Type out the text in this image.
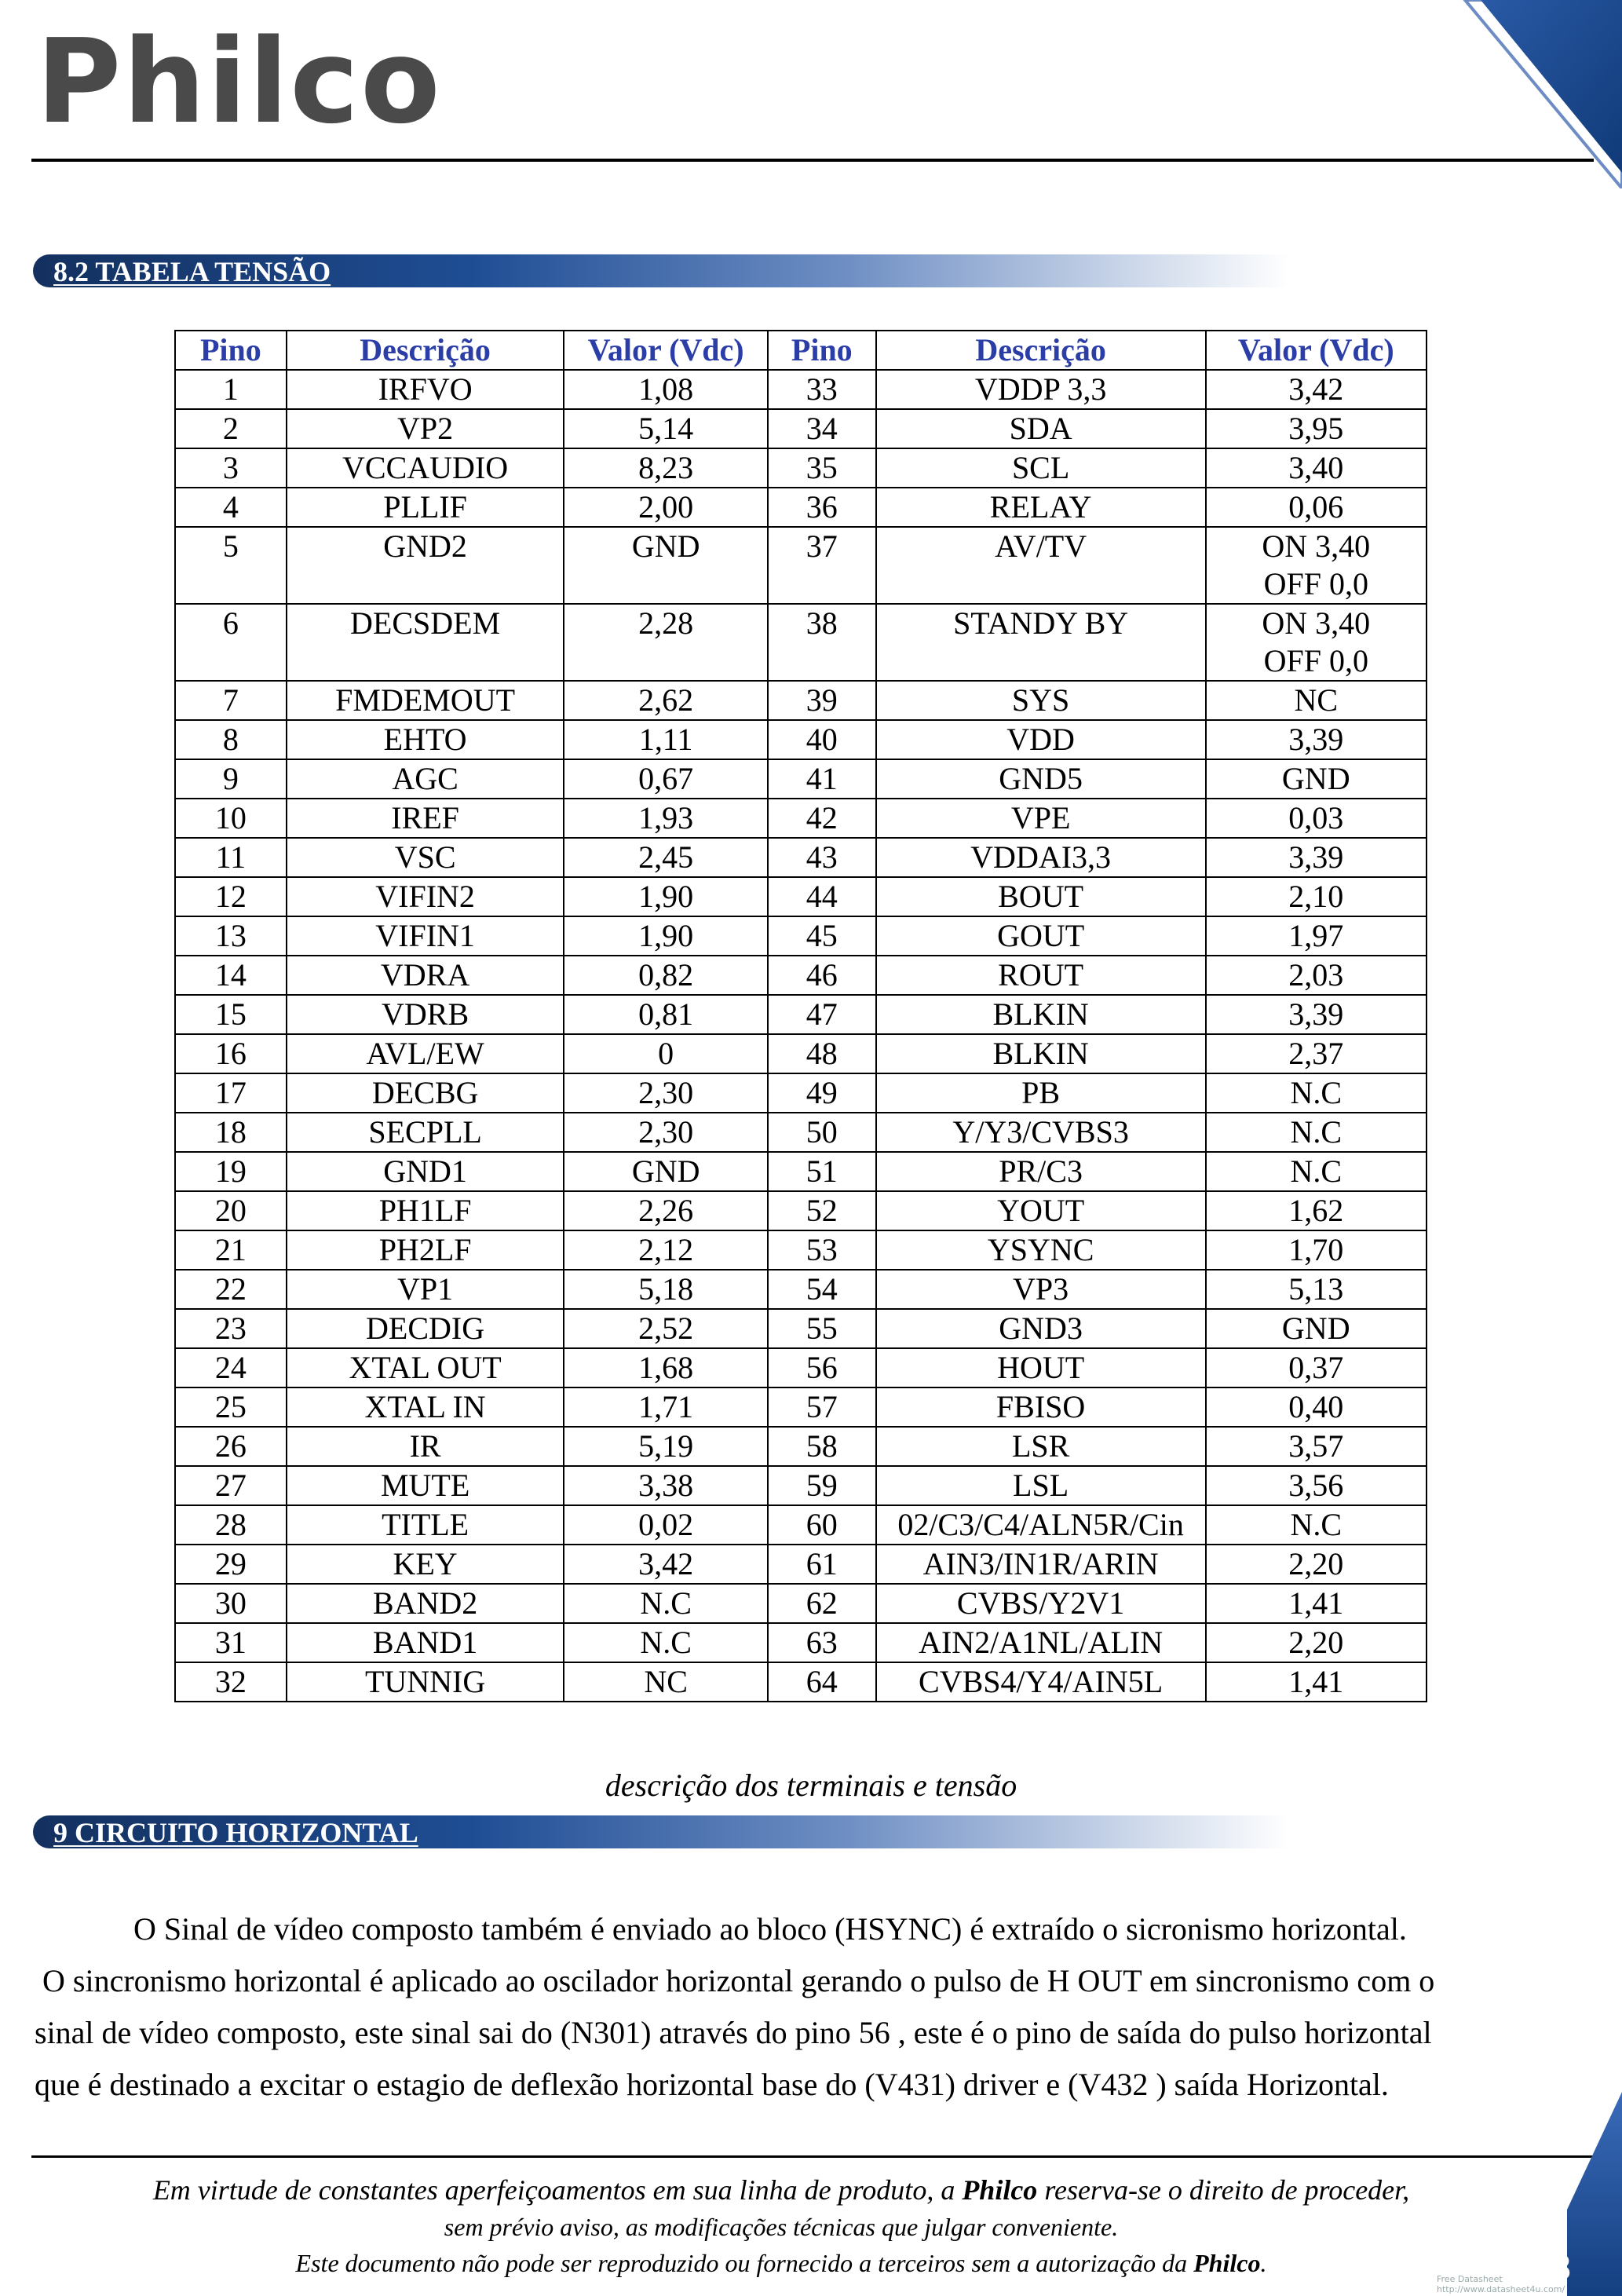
Philco
8.2 TABELA TENSÃO
Pino	Descrição	Valor (Vdc)	Pino	Descrição	Valor (Vdc)
1	IRFVO	1,08	33	VDDP 3,3	3,42
2	VP2	5,14	34	SDA	3,95
3	VCCAUDIO	8,23	35	SCL	3,40
4	PLLIF	2,00	36	RELAY	0,06
5	GND2	GND	37	AV/TV	ON 3,40
OFF 0,0
6	DECSDEM	2,28	38	STANDY BY	ON 3,40
OFF 0,0
7	FMDEMOUT	2,62	39	SYS	NC
8	EHTO	1,11	40	VDD	3,39
9	AGC	0,67	41	GND5	GND
10	IREF	1,93	42	VPE	0,03
11	VSC	2,45	43	VDDAI3,3	3,39
12	VIFIN2	1,90	44	BOUT	2,10
13	VIFIN1	1,90	45	GOUT	1,97
14	VDRA	0,82	46	ROUT	2,03
15	VDRB	0,81	47	BLKIN	3,39
16	AVL/EW	0	48	BLKIN	2,37
17	DECBG	2,30	49	PB	N.C
18	SECPLL	2,30	50	Y/Y3/CVBS3	N.C
19	GND1	GND	51	PR/C3	N.C
20	PH1LF	2,26	52	YOUT	1,62
21	PH2LF	2,12	53	YSYNC	1,70
22	VP1	5,18	54	VP3	5,13
23	DECDIG	2,52	55	GND3	GND
24	XTAL OUT	1,68	56	HOUT	0,37
25	XTAL IN	1,71	57	FBISO	0,40
26	IR	5,19	58	LSR	3,57
27	MUTE	3,38	59	LSL	3,56
28	TITLE	0,02	60	02/C3/C4/ALN5R/Cin	N.C
29	KEY	3,42	61	AIN3/IN1R/ARIN	2,20
30	BAND2	N.C	62	CVBS/Y2V1	1,41
31	BAND1	N.C	63	AIN2/A1NL/ALIN	2,20
32	TUNNIG	NC	64	CVBS4/Y4/AIN5L	1,41
descrição dos terminais e tensão
9 CIRCUITO HORIZONTAL

O Sinal de vídeo composto também é enviado ao bloco (HSYNC) é extraído o sicronismo horizontal.

O sincronismo horizontal é aplicado ao oscilador horizontal gerando o pulso de H OUT em sincronismo com o

sinal de vídeo composto, este sinal sai do (N301) através do pino 56 , este é o pino de saída do pulso horizontal

que é destinado a excitar o estagio de deflexão horizontal base do (V431) driver e (V432 ) saída Horizontal.

Em virtude de constantes aperfeiçoamentos em sua linha de produto, a Philco reserva-se o direito de proceder,
sem prévio aviso, as modificações técnicas que julgar conveniente.
Este documento não pode ser reproduzido ou fornecido a terceiros sem a autorização da Philco.	8
Free Datasheet http://www.datasheet4u.com/
